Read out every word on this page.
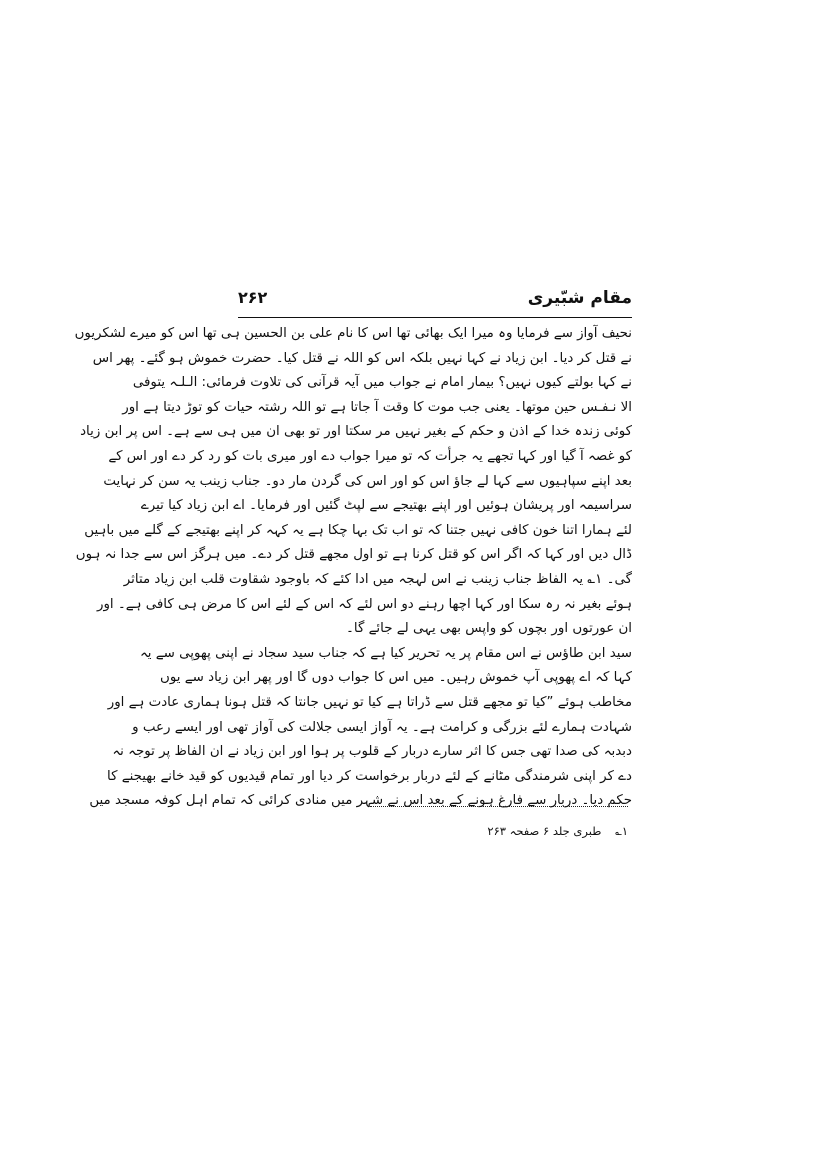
مقام شبّیری
۲۶۲
نحیف آواز سے فرمایا وہ میرا ایک بھائی تھا اس کا نام علی بن الحسین ہی تھا اس کو میرے لشکریوں
نے قتل کر دیا۔ ابن زیاد نے کہا نہیں بلکہ اس کو اللہ نے قتل کیا۔ حضرت خموش ہو گئے۔ پھر اس
نے کہا بولتے کیوں نہیں؟ بیمار امام نے جواب میں آیہ قرآنی کی تلاوت فرمائی: الـلـہ یتوفی
الا نـفـس حین موتھا۔ یعنی جب موت کا وقت آ جاتا ہے تو اللہ رشتہ حیات کو توڑ دیتا ہے اور
کوئی زندہ خدا کے اذن و حکم کے بغیر نہیں مر سکتا اور تو بھی ان میں ہی سے ہے۔ اس پر ابن زیاد
کو غصہ آ گیا اور کہا تجھے یہ جرأت کہ تو میرا جواب دے اور میری بات کو رد کر دے اور اس کے
بعد اپنے سپاہیوں سے کہا لے جاؤ اس کو اور اس کی گردن مار دو۔ جناب زینب یہ سن کر نہایت
سراسیمہ اور پریشان ہوئیں اور اپنے بھتیجے سے لپٹ گئیں اور فرمایا۔ اے ابن زیاد کیا تیرے
لئے ہمارا اتنا خون کافی نہیں جتنا کہ تو اب تک بہا چکا ہے یہ کہہ کر اپنے بھتیجے کے گلے میں باہیں
ڈال دیں اور کہا کہ اگر اس کو قتل کرنا ہے تو اول مجھے قتل کر دے۔ میں ہرگز اس سے جدا نہ ہوں
گی۔ ۱؎ یہ الفاظ جناب زینب نے اس لہجہ میں ادا کئے کہ باوجود شقاوت قلب ابن زیاد متاثر
ہوئے بغیر نہ رہ سکا اور کہا اچھا رہنے دو اس لئے کہ اس کے لئے اس کا مرض ہی کافی ہے۔ اور
ان عورتوں اور بچوں کو واپس بھی یہی لے جائے گا۔
سید ابن طاؤس نے اس مقام پر یہ تحریر کیا ہے کہ جناب سید سجاد نے اپنی پھوپی سے یہ
کہا کہ اے پھوپی آپ خموش رہیں۔ میں اس کا جواب دوں گا اور پھر ابن زیاد سے یوں
مخاطب ہوئے ”کیا تو مجھے قتل سے ڈراتا ہے کیا تو نہیں جانتا کہ قتل ہونا ہماری عادت ہے اور
شہادت ہمارے لئے بزرگی و کرامت ہے۔ یہ آواز ایسی جلالت کی آواز تھی اور ایسے رعب و
دبدبہ کی صدا تھی جس کا اثر سارے دربار کے قلوب پر ہوا اور ابن زیاد نے ان الفاظ پر توجہ نہ
دے کر اپنی شرمندگی مٹانے کے لئے دربار برخواست کر دیا اور تمام قیدیوں کو قید خانے بھیجنے کا
حکم دیا۔ دربار سے فارغ ہونے کے بعد اس نے شہر میں منادی کرائی کہ تمام اہل کوفہ مسجد میں
۱؎ طبری جلد ۶ صفحہ ۲۶۳
